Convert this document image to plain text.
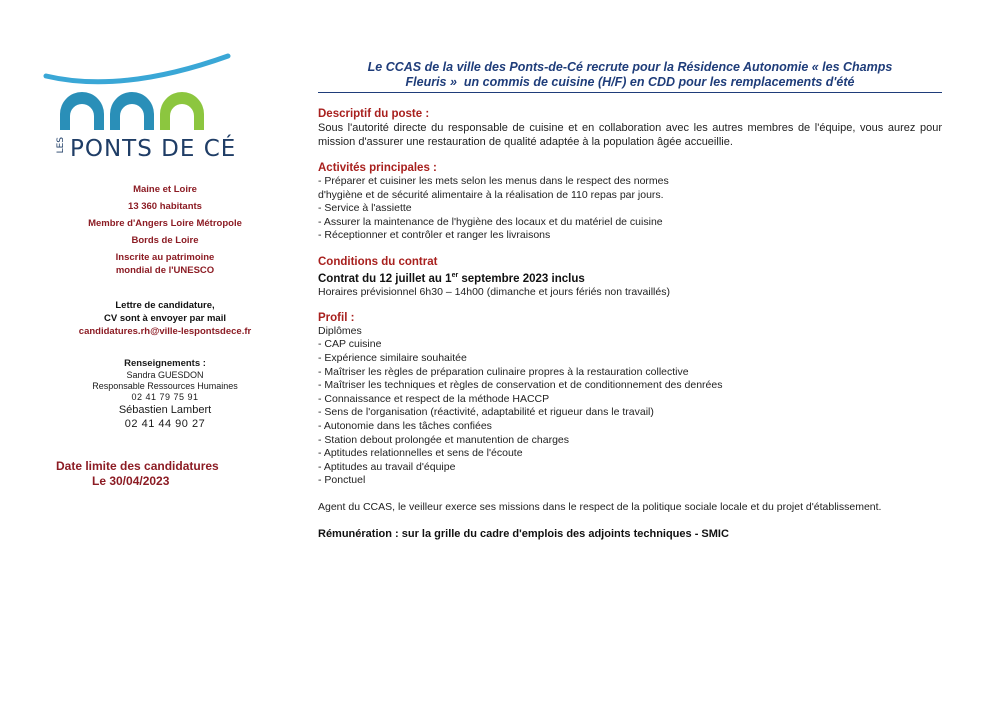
LES PONTS DE CÉ
Maine et Loire
13 360 habitants
Membre d'Angers Loire Métropole
Bords de Loire
Inscrite au patrimoine
mondial de l'UNESCO
Lettre de candidature,
CV sont à envoyer par mail
candidatures.rh@ville-lespontsdece.fr
Renseignements :
Sandra GUESDON
Responsable Ressources Humaines
02 41 79 75 91
Sébastien Lambert
02 41 44 90 27
Date limite des candidatures
Le 30/04/2023
Le CCAS de la ville des Ponts-de-Cé recrute pour la Résidence Autonomie « les Champs
Fleuris » un commis de cuisine (H/F) en CDD pour les remplacements d'été
Descriptif du poste :
Sous l'autorité directe du responsable de cuisine et en collaboration avec les autres membres de l'équipe, vous aurez pour mission d'assurer une restauration de qualité adaptée à la population âgée accueillie.
Activités principales :
- Préparer et cuisiner les mets selon les menus dans le respect des normes
d'hygiène et de sécurité alimentaire à la réalisation de 110 repas par jours.
- Service à l'assiette
- Assurer la maintenance de l'hygiène des locaux et du matériel de cuisine
- Réceptionner et contrôler et ranger les livraisons
Conditions du contrat
Contrat du 12 juillet au 1er septembre 2023 inclus
Horaires prévisionnel 6h30 – 14h00 (dimanche et jours fériés non travaillés)
Profil :
Diplômes
- CAP cuisine
- Expérience similaire souhaitée
- Maîtriser les règles de préparation culinaire propres à la restauration collective
- Maîtriser les techniques et règles de conservation et de conditionnement des denrées
- Connaissance et respect de la méthode HACCP
- Sens de l'organisation (réactivité, adaptabilité et rigueur dans le travail)
- Autonomie dans les tâches confiées
- Station debout prolongée et manutention de charges
- Aptitudes relationnelles et sens de l'écoute
- Aptitudes au travail d'équipe
- Ponctuel
Agent du CCAS, le veilleur exerce ses missions dans le respect de la politique sociale locale et du projet d'établissement.
Rémunération : sur la grille du cadre d'emplois des adjoints techniques - SMIC
